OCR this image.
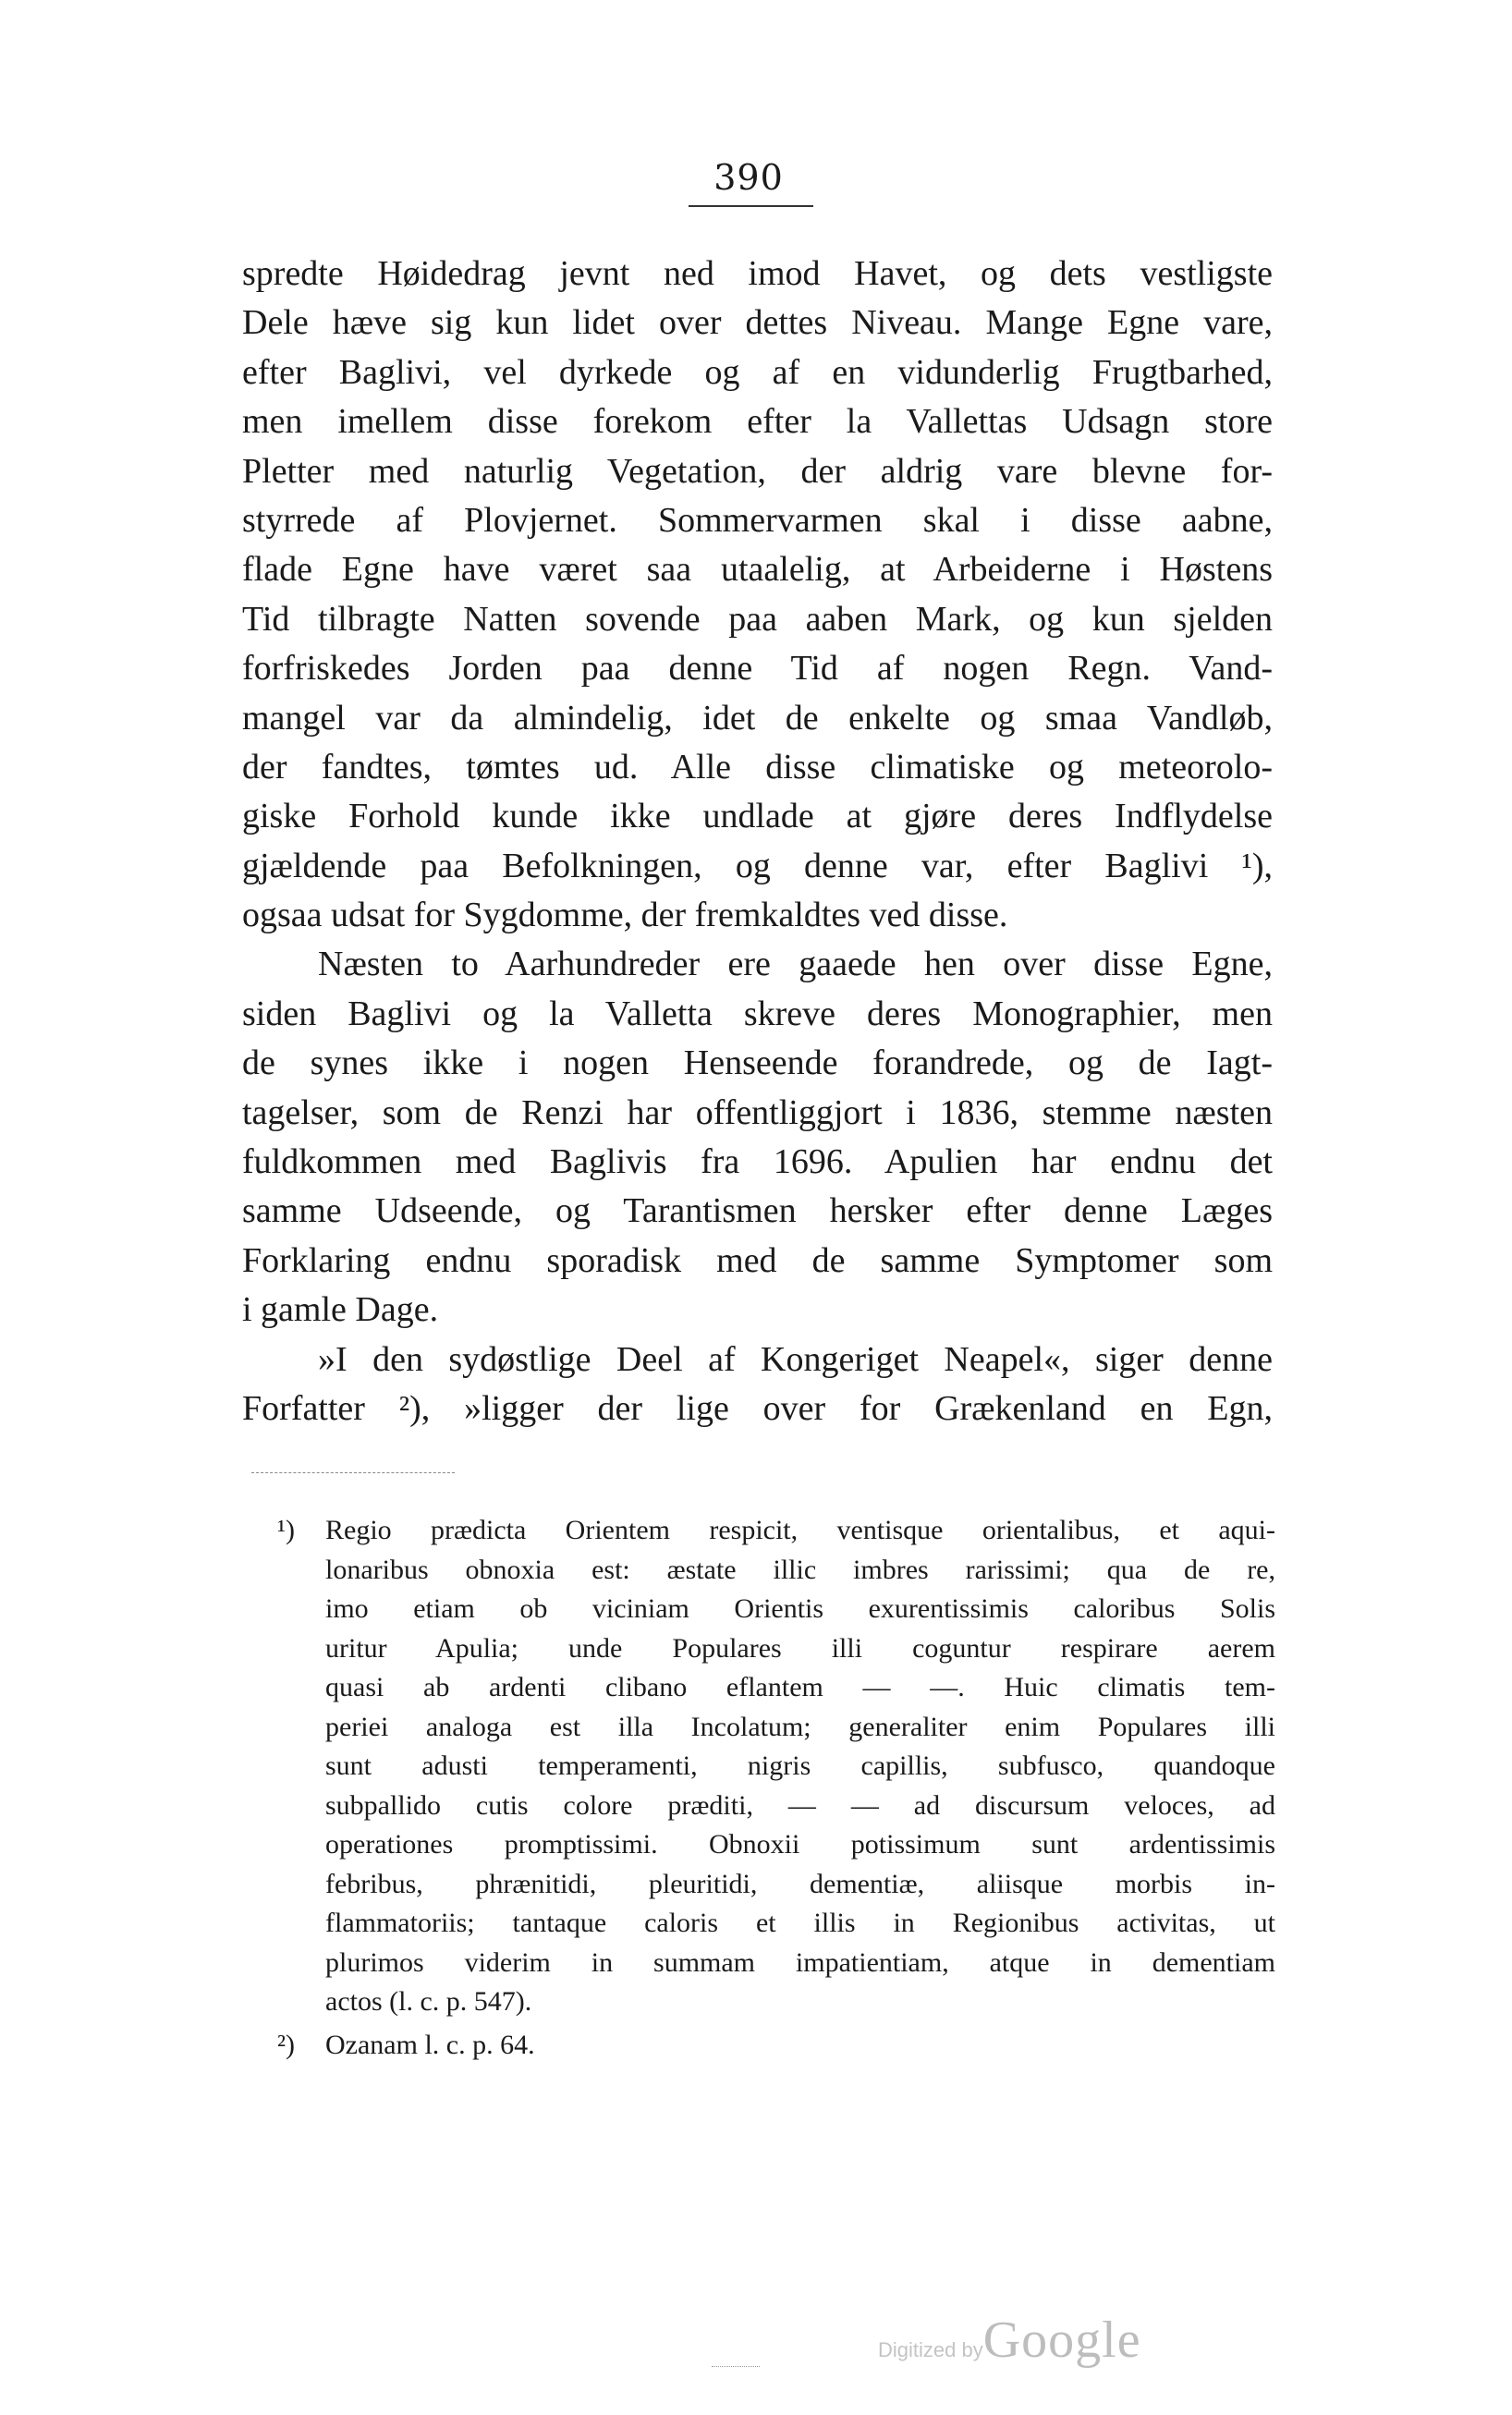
390
spredte Høidedrag jevnt ned imod Havet, og dets vestligste
Dele hæve sig kun lidet over dettes Niveau. Mange Egne vare,
efter Baglivi, vel dyrkede og af en vidunderlig Frugtbarhed,
men imellem disse forekom efter la Vallettas Udsagn store
Pletter med naturlig Vegetation, der aldrig vare blevne for-
styrrede af Plovjernet. Sommervarmen skal i disse aabne,
flade Egne have været saa utaalelig, at Arbeiderne i Høstens
Tid tilbragte Natten sovende paa aaben Mark, og kun sjelden
forfriskedes Jorden paa denne Tid af nogen Regn. Vand-
mangel var da almindelig, idet de enkelte og smaa Vandløb,
der fandtes, tømtes ud. Alle disse climatiske og meteorolo-
giske Forhold kunde ikke undlade at gjøre deres Indflydelse
gjældende paa Befolkningen, og denne var, efter Baglivi ¹),
ogsaa udsat for Sygdomme, der fremkaldtes ved disse.
Næsten to Aarhundreder ere gaaede hen over disse Egne,
siden Baglivi og la Valletta skreve deres Monographier, men
de synes ikke i nogen Henseende forandrede, og de Iagt-
tagelser, som de Renzi har offentliggjort i 1836, stemme næsten
fuldkommen med Baglivis fra 1696. Apulien har endnu det
samme Udseende, og Tarantismen hersker efter denne Læges
Forklaring endnu sporadisk med de samme Symptomer som
i gamle Dage.
»I den sydøstlige Deel af Kongeriget Neapel«, siger denne
Forfatter ²), »ligger der lige over for Grækenland en Egn,
¹)	Regio prædicta Orientem respicit, ventisque orientalibus, et aqui-
lonaribus obnoxia est: æstate illic imbres rarissimi; qua de re,
imo etiam ob viciniam Orientis exurentissimis caloribus Solis
uritur Apulia; unde Populares illi coguntur respirare aerem
quasi ab ardenti clibano eflantem — —. Huic climatis tem-
periei analoga est illa Incolatum; generaliter enim Populares illi
sunt adusti temperamenti, nigris capillis, subfusco, quandoque
subpallido cutis colore præditi, — — ad discursum veloces, ad
operationes promptissimi. Obnoxii potissimum sunt ardentissimis
febribus, phrænitidi, pleuritidi, dementiæ, aliisque morbis in-
flammatoriis; tantaque caloris et illis in Regionibus activitas, ut
plurimos viderim in summam impatientiam, atque in dementiam
actos (l. c. p. 547).
²)	Ozanam l. c. p. 64.
Digitized byGoogle
